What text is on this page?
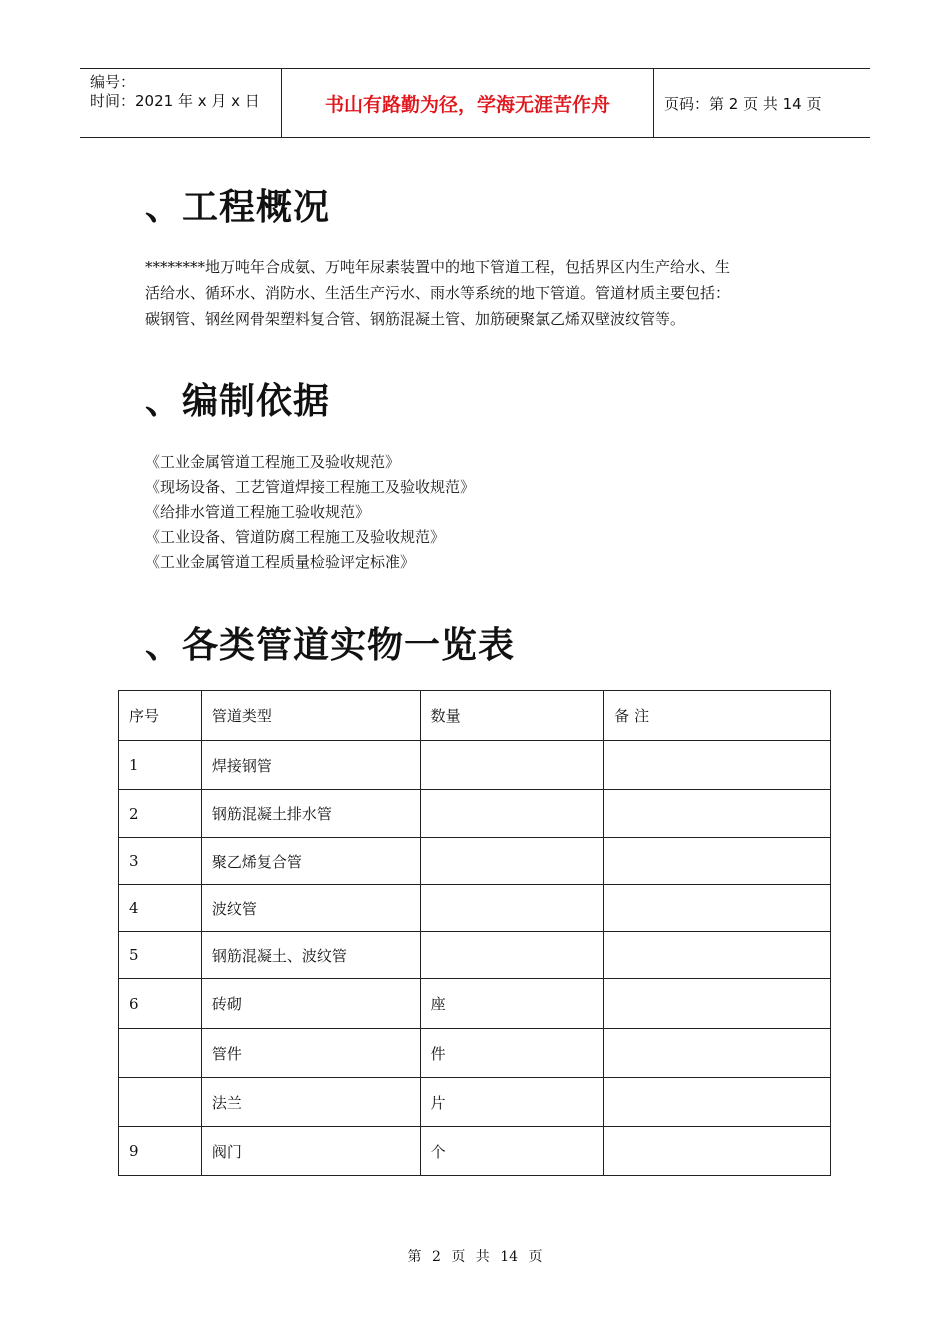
编号：
时间：2021 年 x 月 x 日	书山有路勤为径，学海无涯苦作舟	页码：第 2 页 共 14 页
、工程概况
********地万吨年合成氨、万吨年尿素装置中的地下管道工程，包括界区内生产给水、生
活给水、循环水、消防水、生活生产污水、雨水等系统的地下管道。管道材质主要包括：
碳钢管、钢丝网骨架塑料复合管、钢筋混凝土管、加筋硬聚氯乙烯双壁波纹管等。
、编制依据
《工业金属管道工程施工及验收规范》
《现场设备、工艺管道焊接工程施工及验收规范》
《给排水管道工程施工验收规范》
《工业设备、管道防腐工程施工及验收规范》
《工业金属管道工程质量检验评定标准》
、各类管道实物一览表
序号	管道类型	数量	备 注
1	焊接钢管		
2	钢筋混凝土排水管		
3	聚乙烯复合管		
4	波纹管		
5	钢筋混凝土、波纹管		
6	砖砌	座	
	管件	件	
	法兰	片	
9	阀门	个	
第 2 页 共 14 页
